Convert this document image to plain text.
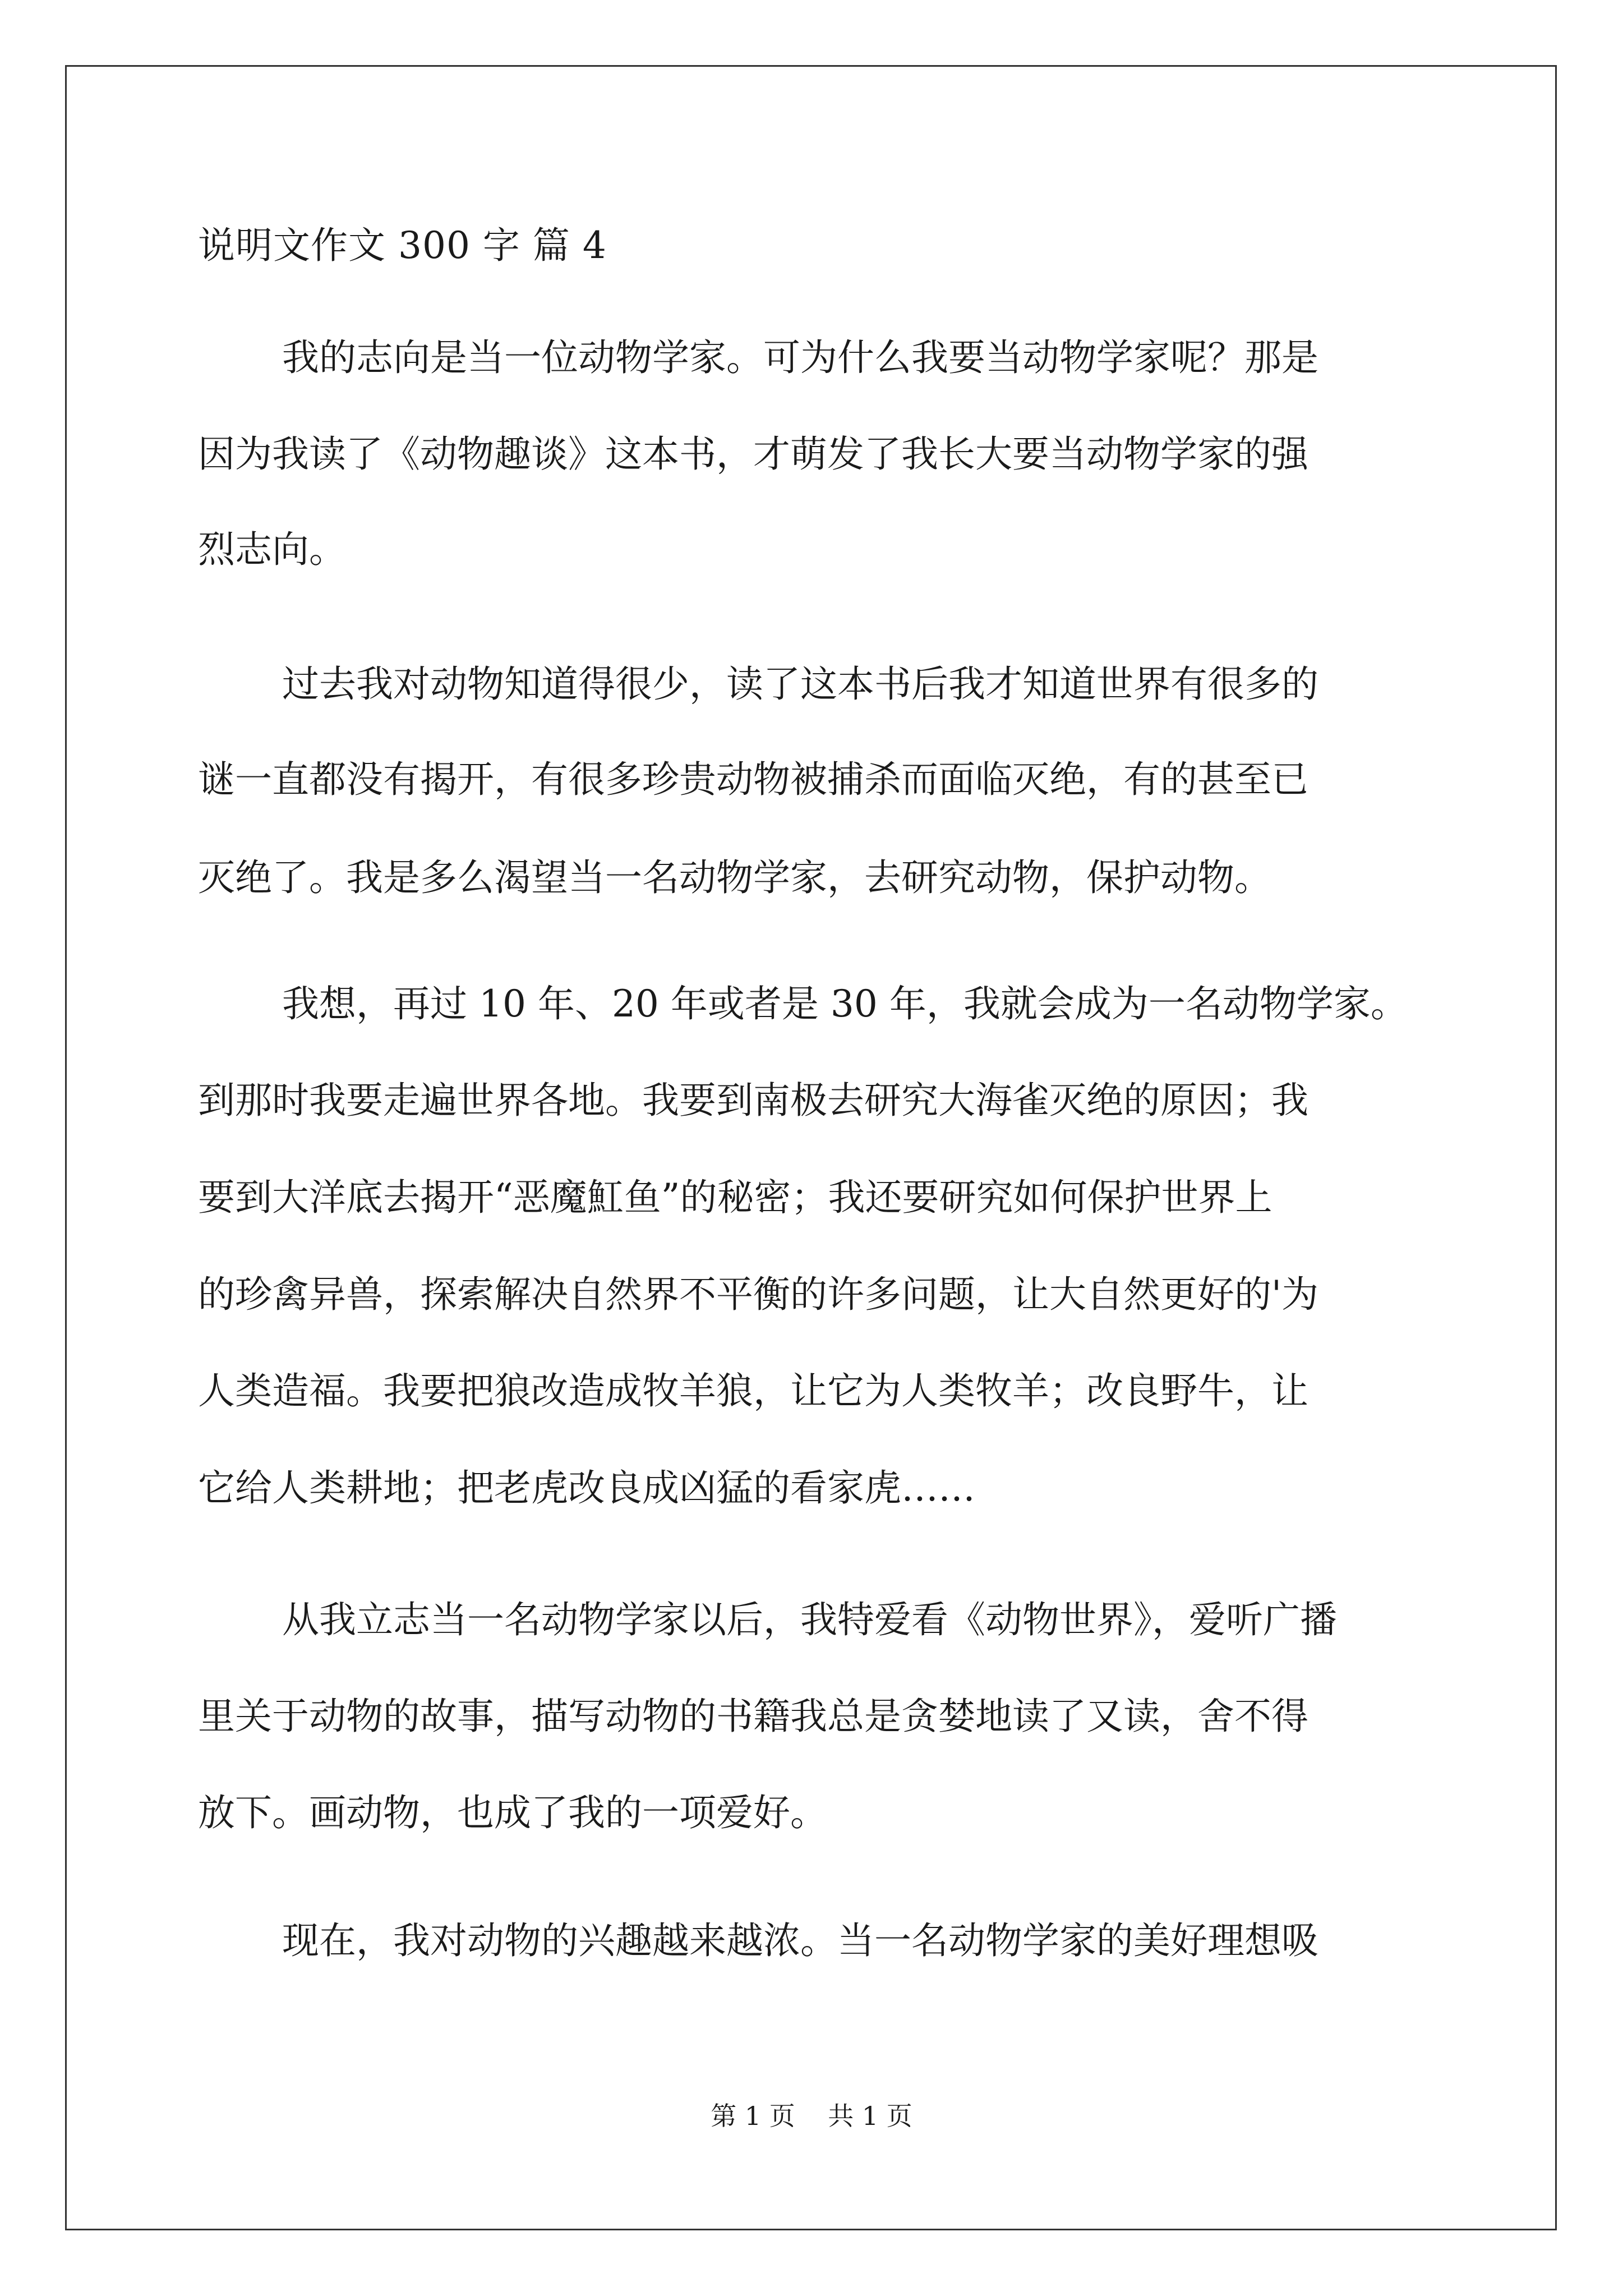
说明文作文 300 字 篇 4
我的志向是当一位动物学家。可为什么我要当动物学家呢？那是
因为我读了《动物趣谈》这本书，才萌发了我长大要当动物学家的强
烈志向。
过去我对动物知道得很少，读了这本书后我才知道世界有很多的
谜一直都没有揭开，有很多珍贵动物被捕杀而面临灭绝，有的甚至已
灭绝了。我是多么渴望当一名动物学家，去研究动物，保护动物。
我想，再过 10 年、20 年或者是 30 年，我就会成为一名动物学家。
到那时我要走遍世界各地。我要到南极去研究大海雀灭绝的原因；我
要到大洋底去揭开“恶魔魟鱼”的秘密；我还要研究如何保护世界上
的珍禽异兽，探索解决自然界不平衡的许多问题，让大自然更好的'为
人类造福。我要把狼改造成牧羊狼，让它为人类牧羊；改良野牛，让
它给人类耕地；把老虎改良成凶猛的看家虎……
从我立志当一名动物学家以后，我特爱看《动物世界》，爱听广播
里关于动物的故事，描写动物的书籍我总是贪婪地读了又读，舍不得
放下。画动物，也成了我的一项爱好。
现在，我对动物的兴趣越来越浓。当一名动物学家的美好理想吸
第 1 页    共 1 页
